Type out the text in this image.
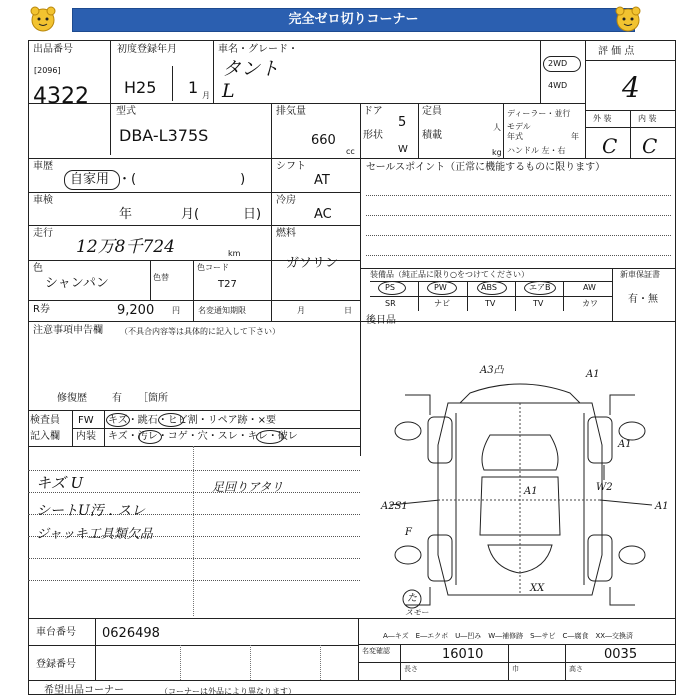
完全ゼロ切りコーナー
出品番号
[2096]
4322
初度登録年月
H25 1 月
車名・グレード・
タント
L
2WD
4WD
評 価 点
4
外 装	内 装
C C
型式
DBA-L375S
排気量
660
cc
ドア
5
形状
W
定員
人
積載
kg
ディーラー・並行
モデル
年式	年
ハンドル 左・右
車歴
自家用 ・(　　　　　　　　)
シフト
AT
車検
年	月(	日)
冷房
AC
走行
12万8千724	km
燃料
ガソリン
色
シャンパン	色替
色コード
T27
R券	9,200 円 名変通知期限	月	日
セールスポイント（正常に機能するものに限ります）
装備品（純正品に限り○をつけてください）	新車保証書
有・無
PS	PW	ABS	エアB	AW
SR	ナビ	TV	TV	カワ
後日品
注意事項申告欄 （不具合内容等は具体的に記入して下さい）
修復歴	有 ［箇所
検査員
記入欄
FW キズ・跳石・ヒビ割・リペア跡・×要
内装 キズ・汚レ・コゲ・穴・スレ・キレ・破レ
キズ U
シートU汚 . スレ
ジャッキ工具類欠品
足回りアタリ
A3凸	A1
A1
A1
W2
A1
A2S1
F
XX
た
スモー
A―キズ　E―エクボ　U―凹み　W―補修跡　S―サビ　C―腐食　XX―交換済
車台番号 0626498
登録番号
名変確認	16010	0035
長さ	巾	高さ
希望出品コーナー	（コーナーは外品により異なります）
